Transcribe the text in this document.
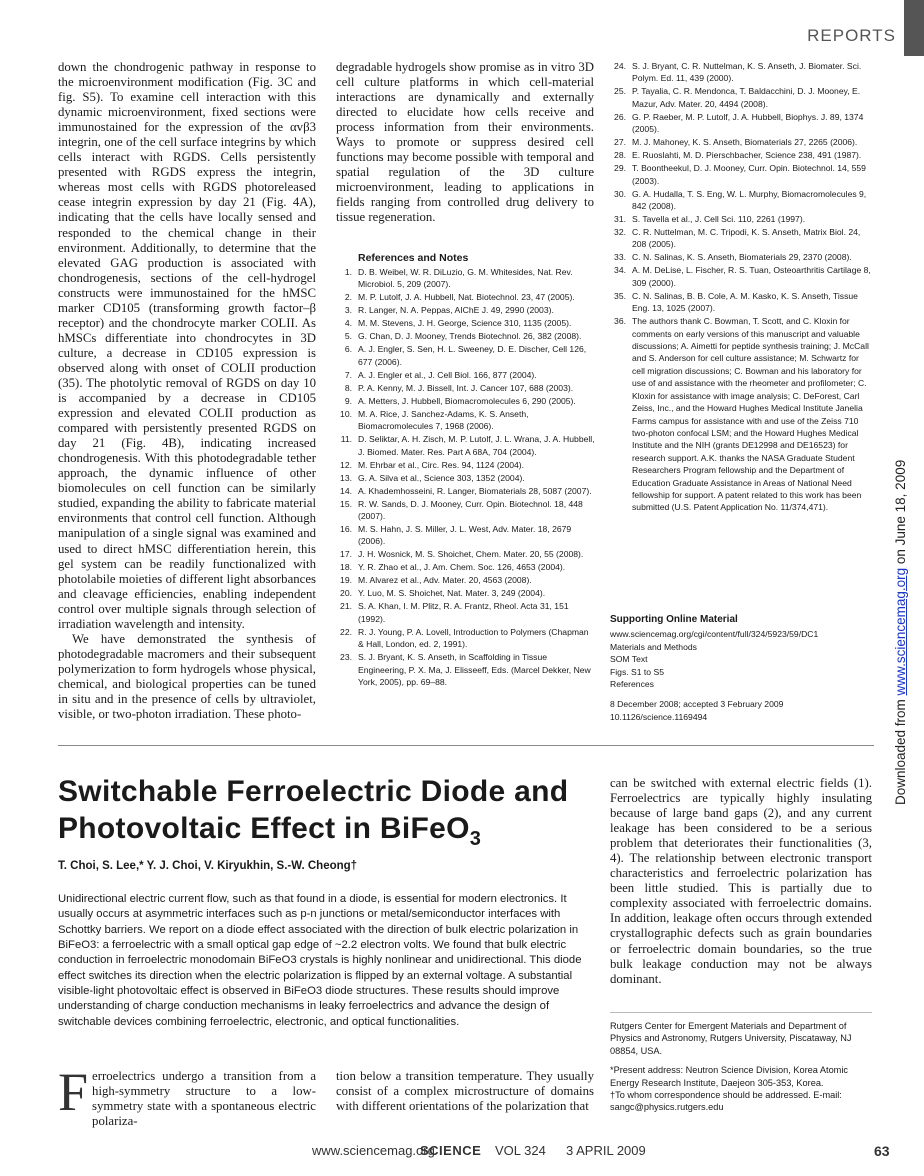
REPORTS
Downloaded from www.sciencemag.org on June 18, 2009

down the chondrogenic pathway in response to the microenvironment modification (Fig. 3C and fig. S5). To examine cell interaction with this dynamic microenvironment, fixed sections were immunostained for the expression of the αvβ3 integrin, one of the cell surface integrins by which cells interact with RGDS. Cells persistently presented with RGDS express the integrin, whereas most cells with RGDS photoreleased cease integrin expression by day 21 (Fig. 4A), indicating that the cells have locally sensed and responded to the chemical change in their environment. Additionally, to determine that the elevated GAG production is associated with chondrogenesis, sections of the cell-hydrogel constructs were immunostained for the hMSC marker CD105 (transforming growth factor–β receptor) and the chondrocyte marker COLII. As hMSCs differentiate into chondrocytes in 3D culture, a decrease in CD105 expression is observed along with onset of COLII production (35). The photolytic removal of RGDS on day 10 is accompanied by a decrease in CD105 expression and elevated COLII production as compared with persistently presented RGDS on day 21 (Fig. 4B), indicating increased chondrogenesis. With this photodegradable tether approach, the dynamic influence of other biomolecules on cell function can be similarly studied, expanding the ability to fabricate material environments that control cell function. Although manipulation of a single signal was examined and used to direct hMSC differentiation herein, this gel system can be readily functionalized with photolabile moieties of different light absorbances and cleavage efficiencies, enabling independent control over multiple signals through selection of irradiation wavelength and intensity.

We have demonstrated the synthesis of photodegradable macromers and their subsequent polymerization to form hydrogels whose physical, chemical, and biological properties can be tuned in situ and in the presence of cells by ultraviolet, visible, or two-photon irradiation. These photo-

degradable hydrogels show promise as in vitro 3D cell culture platforms in which cell-material interactions are dynamically and externally directed to elucidate how cells receive and process information from their environments. Ways to promote or suppress desired cell functions may become possible with temporal and spatial regulation of the 3D culture microenvironment, leading to applications in fields ranging from controlled drug delivery to tissue regeneration.

References and Notes
1. D. B. Weibel, W. R. DiLuzio, G. M. Whitesides, Nat. Rev. Microbiol. 5, 209 (2007).
2. M. P. Lutolf, J. A. Hubbell, Nat. Biotechnol. 23, 47 (2005).
3. R. Langer, N. A. Peppas, AIChE J. 49, 2990 (2003).
4. M. M. Stevens, J. H. George, Science 310, 1135 (2005).
5. G. Chan, D. J. Mooney, Trends Biotechnol. 26, 382 (2008).
6. A. J. Engler, S. Sen, H. L. Sweeney, D. E. Discher, Cell 126, 677 (2006).
7. A. J. Engler et al., J. Cell Biol. 166, 877 (2004).
8. P. A. Kenny, M. J. Bissell, Int. J. Cancer 107, 688 (2003).
9. A. Metters, J. Hubbell, Biomacromolecules 6, 290 (2005).
10. M. A. Rice, J. Sanchez-Adams, K. S. Anseth, Biomacromolecules 7, 1968 (2006).
11. D. Seliktar, A. H. Zisch, M. P. Lutolf, J. L. Wrana, J. A. Hubbell, J. Biomed. Mater. Res. Part A 68A, 704 (2004).
12. M. Ehrbar et al., Circ. Res. 94, 1124 (2004).
13. G. A. Silva et al., Science 303, 1352 (2004).
14. A. Khademhosseini, R. Langer, Biomaterials 28, 5087 (2007).
15. R. W. Sands, D. J. Mooney, Curr. Opin. Biotechnol. 18, 448 (2007).
16. M. S. Hahn, J. S. Miller, J. L. West, Adv. Mater. 18, 2679 (2006).
17. J. H. Wosnick, M. S. Shoichet, Chem. Mater. 20, 55 (2008).
18. Y. R. Zhao et al., J. Am. Chem. Soc. 126, 4653 (2004).
19. M. Alvarez et al., Adv. Mater. 20, 4563 (2008).
20. Y. Luo, M. S. Shoichet, Nat. Mater. 3, 249 (2004).
21. S. A. Khan, I. M. Plitz, R. A. Frantz, Rheol. Acta 31, 151 (1992).
22. R. J. Young, P. A. Lovell, Introduction to Polymers (Chapman & Hall, London, ed. 2, 1991).
23. S. J. Bryant, K. S. Anseth, in Scaffolding in Tissue Engineering, P. X. Ma, J. Elisseeff, Eds. (Marcel Dekker, New York, 2005), pp. 69–88.
24. S. J. Bryant, C. R. Nuttelman, K. S. Anseth, J. Biomater. Sci. Polym. Ed. 11, 439 (2000).
25. P. Tayalia, C. R. Mendonca, T. Baldacchini, D. J. Mooney, E. Mazur, Adv. Mater. 20, 4494 (2008).
26. G. P. Raeber, M. P. Lutolf, J. A. Hubbell, Biophys. J. 89, 1374 (2005).
27. M. J. Mahoney, K. S. Anseth, Biomaterials 27, 2265 (2006).
28. E. Ruoslahti, M. D. Pierschbacher, Science 238, 491 (1987).
29. T. Boontheekul, D. J. Mooney, Curr. Opin. Biotechnol. 14, 559 (2003).
30. G. A. Hudalla, T. S. Eng, W. L. Murphy, Biomacromolecules 9, 842 (2008).
31. S. Tavella et al., J. Cell Sci. 110, 2261 (1997).
32. C. R. Nuttelman, M. C. Tripodi, K. S. Anseth, Matrix Biol. 24, 208 (2005).
33. C. N. Salinas, K. S. Anseth, Biomaterials 29, 2370 (2008).
34. A. M. DeLise, L. Fischer, R. S. Tuan, Osteoarthritis Cartilage 8, 309 (2000).
35. C. N. Salinas, B. B. Cole, A. M. Kasko, K. S. Anseth, Tissue Eng. 13, 1025 (2007).
36. The authors thank C. Bowman, T. Scott, and C. Kloxin for comments on early versions of this manuscript and valuable discussions; A. Aimetti for peptide synthesis training; J. McCall and S. Anderson for cell culture assistance; M. Schwartz for cell migration discussions; C. Bowman and his laboratory for use of and assistance with the rheometer and profilometer; C. Kloxin for assistance with image analysis; C. DeForest, Carl Zeiss, Inc., and the Howard Hughes Medical Institute Janelia Farms campus for assistance with and use of the Zeiss 710 two-photon confocal LSM; and the Howard Hughes Medical Institute and the NIH (grants DE12998 and DE16523) for research support. A.K. thanks the NASA Graduate Student Researchers Program fellowship and the Department of Education Graduate Assistance in Areas of National Need fellowship for support. A patent related to this work has been submitted (U.S. Patent Application No. 11/374,471).
Supporting Online Material
www.sciencemag.org/cgi/content/full/324/5923/59/DC1
Materials and Methods
SOM Text
Figs. S1 to S5
References
8 December 2008; accepted 3 February 2009
10.1126/science.1169494
Switchable Ferroelectric Diode and
Photovoltaic Effect in BiFeO$_3$
T. Choi, S. Lee,* Y. J. Choi, V. Kiryukhin, S.-W. Cheong†
Unidirectional electric current flow, such as that found in a diode, is essential for modern electronics. It usually occurs at asymmetric interfaces such as p-n junctions or metal/semiconductor interfaces with Schottky barriers. We report on a diode effect associated with the direction of bulk electric polarization in BiFeO3: a ferroelectric with a small optical gap edge of ~2.2 electron volts. We found that bulk electric conduction in ferroelectric monodomain BiFeO3 crystals is highly nonlinear and unidirectional. This diode effect switches its direction when the electric polarization is flipped by an external voltage. A substantial visible-light photovoltaic effect is observed in BiFeO3 diode structures. These results should improve understanding of charge conduction mechanisms in leaky ferroelectrics and advance the design of switchable devices combining ferroelectric, electronic, and optical functionalities.
Ferroelectrics undergo a transition from a high-symmetry structure to a low-symmetry state with a spontaneous electric polariza-
tion below a transition temperature. They usually consist of a complex microstructure of domains with different orientations of the polarization that
can be switched with external electric fields (1). Ferroelectrics are typically highly insulating because of large band gaps (2), and any current leakage has been considered to be a serious problem that deteriorates their functionalities (3, 4). The relationship between electronic transport characteristics and ferroelectric polarization has been little studied. This is partially due to complexity associated with ferroelectric domains. In addition, leakage often occurs through extended crystallographic defects such as grain boundaries or ferroelectric domain boundaries, so the true bulk leakage conduction may not be always dominant.

Rutgers Center for Emergent Materials and Department of Physics and Astronomy, Rutgers University, Piscataway, NJ 08854, USA.

*Present address: Neutron Science Division, Korea Atomic Energy Research Institute, Daejeon 305-353, Korea.

†To whom correspondence should be addressed. E-mail: sangc@physics.rutgers.edu

www.sciencemag.org
SCIENCE VOL 324 3 APRIL 2009	63
